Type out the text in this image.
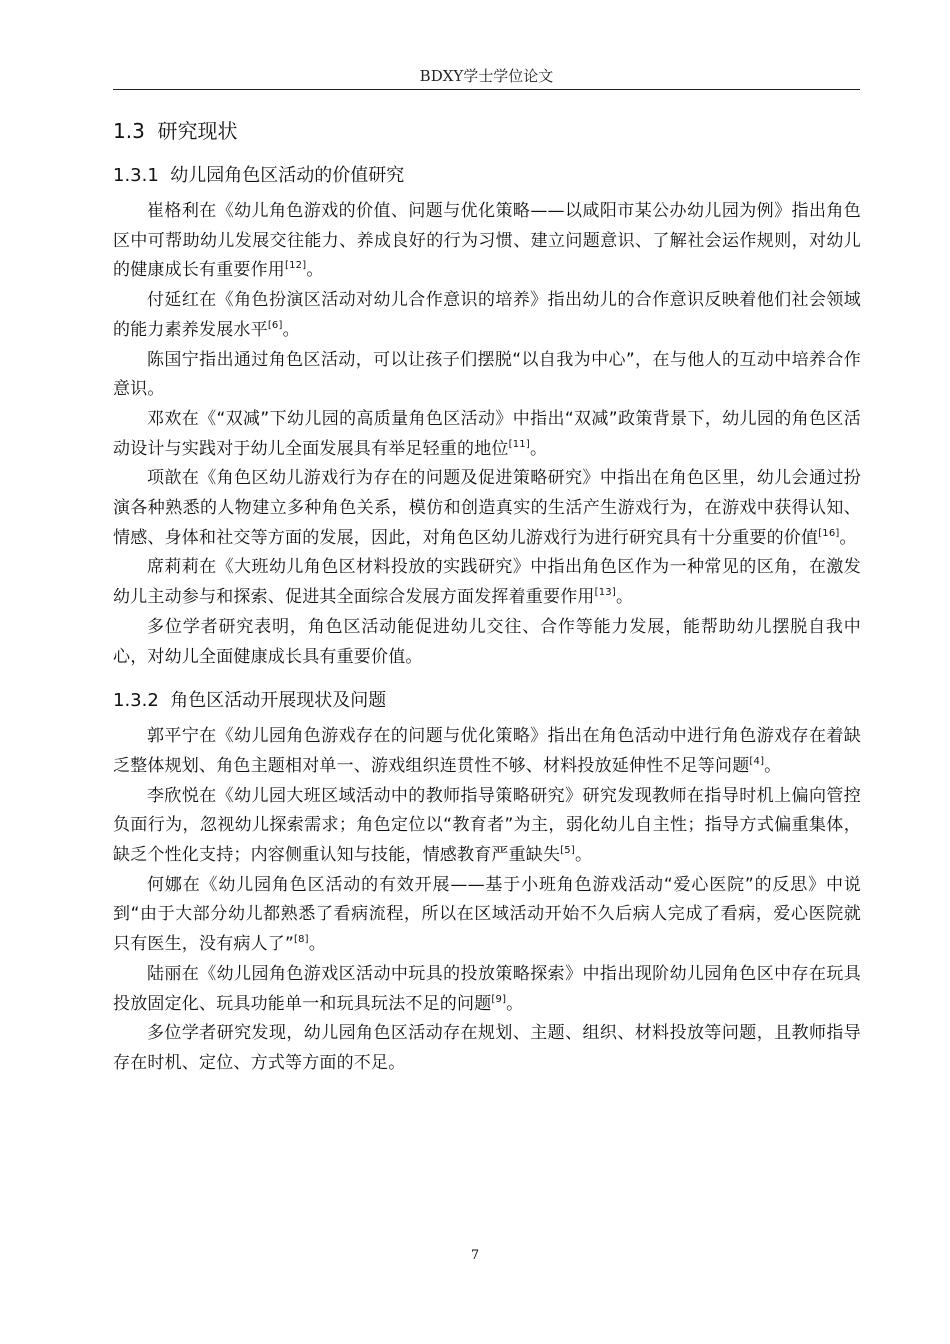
BDXY学士学位论文
1.3 研究现状
1.3.1 幼儿园角色区活动的价值研究

崔格利在《幼儿角色游戏的价值、问题与优化策略——以咸阳市某公办幼儿园为例》指出角色区中可帮助幼儿发展交往能力、养成良好的行为习惯、建立问题意识、了解社会运作规则，对幼儿的健康成长有重要作用[12]。

付延红在《角色扮演区活动对幼儿合作意识的培养》指出幼儿的合作意识反映着他们社会领域的能力素养发展水平[6]。

陈国宁指出通过角色区活动，可以让孩子们摆脱“以自我为中心”，在与他人的互动中培养合作意识。

邓欢在《“双减”下幼儿园的高质量角色区活动》中指出“双减”政策背景下，幼儿园的角色区活动设计与实践对于幼儿全面发展具有举足轻重的地位[11]。

项歆在《角色区幼儿游戏行为存在的问题及促进策略研究》中指出在角色区里，幼儿会通过扮演各种熟悉的人物建立多种角色关系，模仿和创造真实的生活产生游戏行为，在游戏中获得认知、情感、身体和社交等方面的发展，因此，对角色区幼儿游戏行为进行研究具有十分重要的价值[16]。

席莉莉在《大班幼儿角色区材料投放的实践研究》中指出角色区作为一种常见的区角，在激发幼儿主动参与和探索、促进其全面综合发展方面发挥着重要作用[13]。

多位学者研究表明，角色区活动能促进幼儿交往、合作等能力发展，能帮助幼儿摆脱自我中心，对幼儿全面健康成长具有重要价值。

1.3.2 角色区活动开展现状及问题

郭平宁在《幼儿园角色游戏存在的问题与优化策略》指出在角色活动中进行角色游戏存在着缺乏整体规划、角色主题相对单一、游戏组织连贯性不够、材料投放延伸性不足等问题[4]。

李欣悦在《幼儿园大班区域活动中的教师指导策略研究》研究发现教师在指导时机上偏向管控负面行为，忽视幼儿探索需求；角色定位以“教育者”为主，弱化幼儿自主性；指导方式偏重集体，缺乏个性化支持；内容侧重认知与技能，情感教育严重缺失[5]。

何娜在《幼儿园角色区活动的有效开展——基于小班角色游戏活动“爱心医院”的反思》中说到“由于大部分幼儿都熟悉了看病流程，所以在区域活动开始不久后病人完成了看病，爱心医院就只有医生，没有病人了”[8]。

陆丽在《幼儿园角色游戏区活动中玩具的投放策略探索》中指出现阶幼儿园角色区中存在玩具投放固定化、玩具功能单一和玩具玩法不足的问题[9]。

多位学者研究发现，幼儿园角色区活动存在规划、主题、组织、材料投放等问题，且教师指导存在时机、定位、方式等方面的不足。

7
